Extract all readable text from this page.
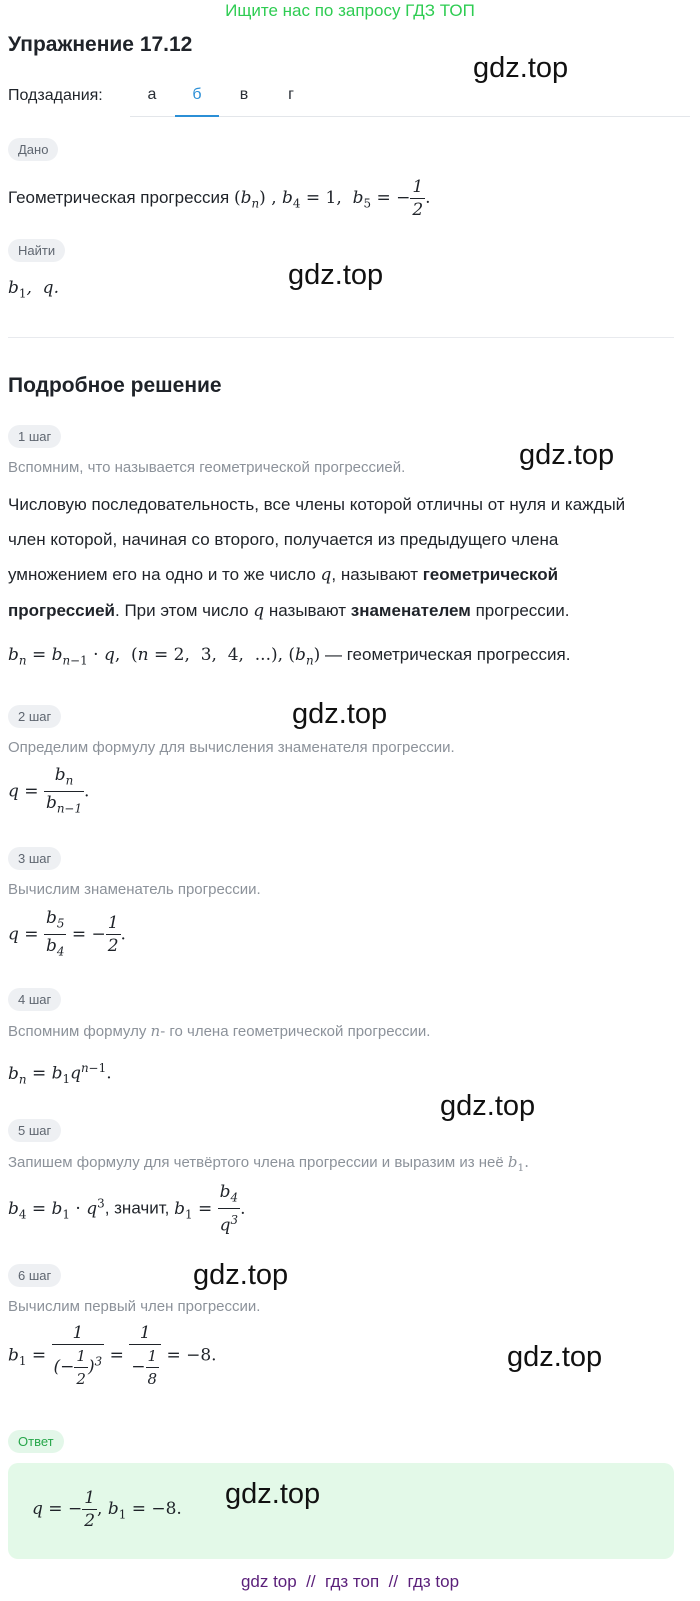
Ищите нас по запросу ГДЗ ТОП
Упражнение 17.12
gdz.top
Подзадания:	а	б	в	г
Дано
Геометрическая прогрессия $(b_n)$ , $b_4 = 1$,  $b_5$ = − $\frac{1}{2}$ .
Найти
$b_1$,  q.	gdz.top
Подробное решение
1 шаг
Вспомним, что называется геометрической прогрессией.	gdz.top
Числовую последовательность, все члены которой отличны от нуля и каждый
член которой, начиная со второго, получается из предыдущего члена
умножением его на одно и то же число q, называют геометрической
прогрессией. При этом число q называют знаменателем прогрессии.
$b_n = b_{n-1} \cdot q$,  (n = 2,  3,  4,  ...), $(b_n)$ — геометрическая прогрессия.
2 шаг	gdz.top
Определим формулу для вычисления знаменателя прогрессии.
$q = \frac{b_n}{b_{n-1}}$ .
3 шаг
Вычислим знаменатель прогрессии.
$q = \frac{b_5}{b_4}$ = − $\frac{1}{2}$ .
4 шаг
Вспомним формулу n- го члена геометрической прогрессии.
$b_n = b_1q^{n-1}$.
gdz.top
5 шаг
Запишем формулу для четвёртого члена прогрессии и выразим из неё $b_1$.
$b_4 = b_1 \cdot q^3$, значит, $b_1 = \frac{b_4}{q^3}$ .
6 шаг	gdz.top
Вычислим первый член прогрессии.
$b_1 = \frac{1}{(- \frac{1}{2} )^3} = \frac{1}{- \frac{1}{8}} = -8$.	gdz.top
Ответ
q = − $\frac{1}{2}$ , $b_1 = -8$. gdz.top
gdz top  //  гдз топ  //  гдз top
